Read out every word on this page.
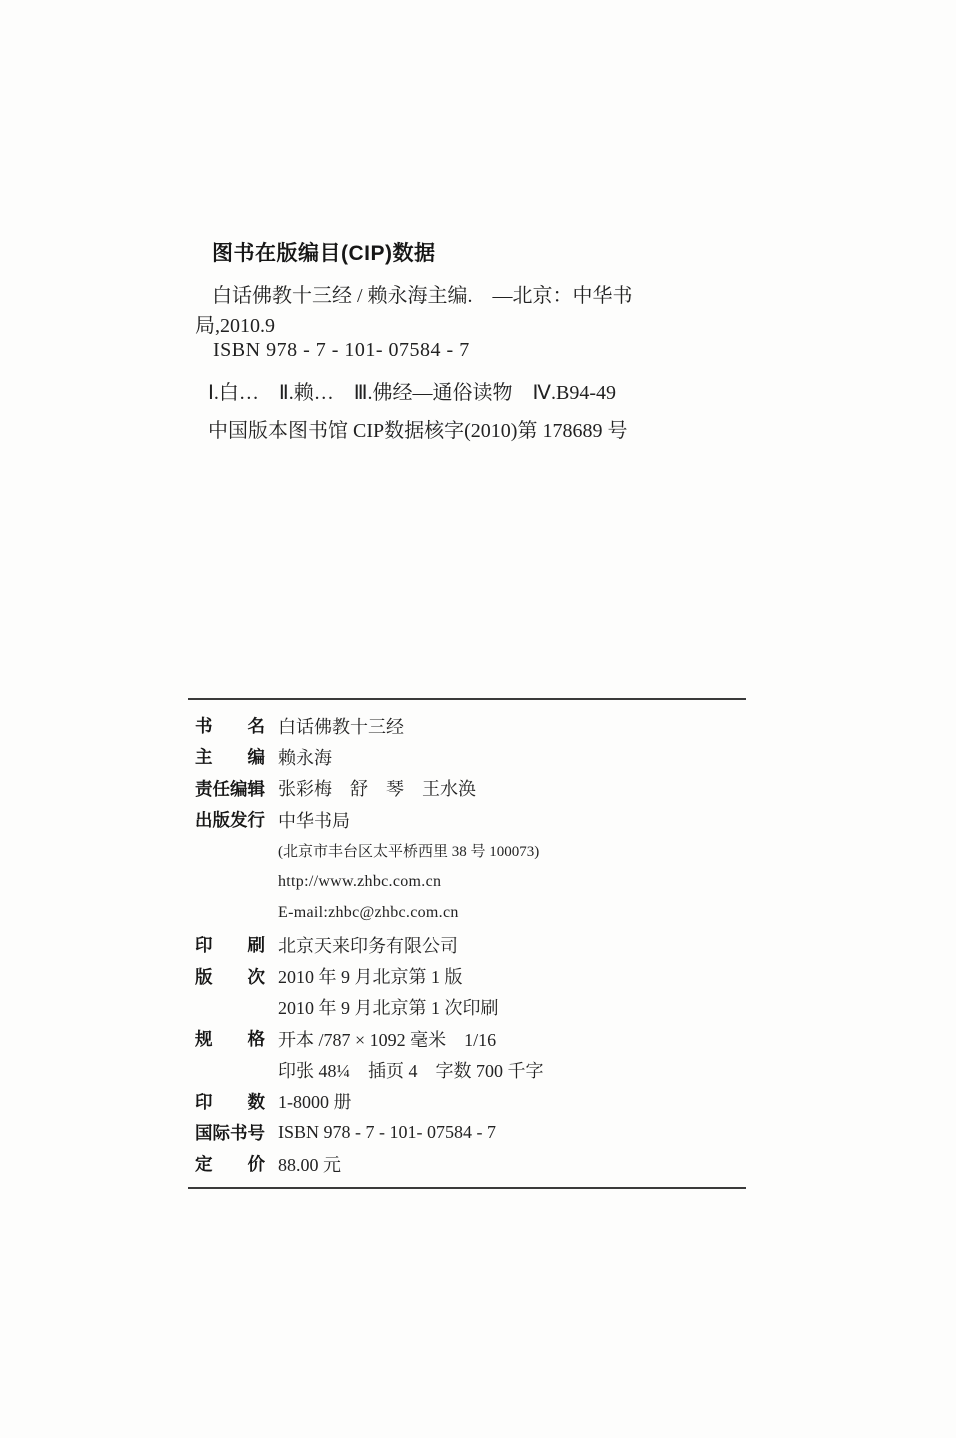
图书在版编目(CIP)数据
白话佛教十三经 / 赖永海主编.　—北京：中华书
局,2010.9
ISBN 978 - 7 - 101- 07584 - 7
Ⅰ.白…　Ⅱ.赖…　Ⅲ.佛经—通俗读物　Ⅳ.B94-49
中国版本图书馆 CIP数据核字(2010)第 178689 号
书 名 白话佛教十三经
主 编 赖永海
责 任 编 辑 张彩梅　舒　琴　王水涣
出 版 发 行 中华书局
(北京市丰台区太平桥西里 38 号 100073)
http://www.zhbc.com.cn
E-mail:zhbc@zhbc.com.cn
印 刷 北京天来印务有限公司
版 次 2010 年 9 月北京第 1 版
2010 年 9 月北京第 1 次印刷
规 格 开本 /787 × 1092 毫米　1/16
印张 48¼　插页 4　字数 700 千字
印 数 1-8000 册
国 际 书 号 ISBN 978 - 7 - 101- 07584 - 7
定 价 88.00 元
